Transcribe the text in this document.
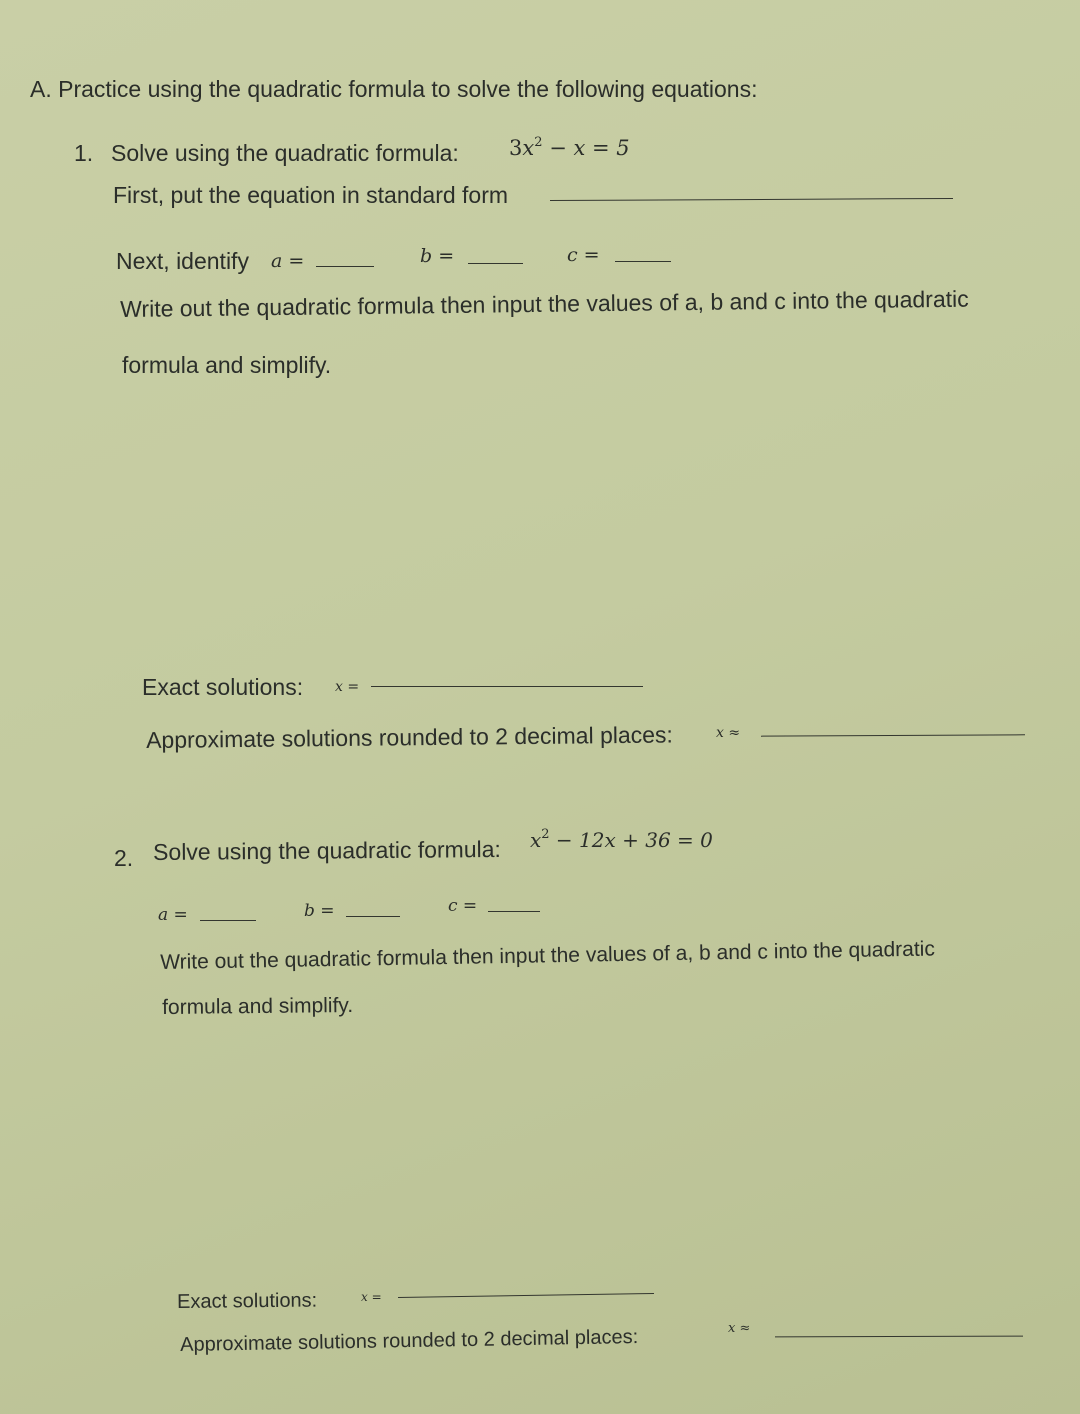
A. Practice using the quadratic formula to solve the following equations:
1. Solve using the quadratic formula: $3x^2 - x = 5$
First, put the equation in standard form
Next, identify a =	b =	c =
Write out the quadratic formula then input the values of a, b and c into the quadratic
formula and simplify.
Exact solutions: x =
Approximate solutions rounded to 2 decimal places:	x ≈
2. Solve using the quadratic formula: $x^2 - 12x + 36 = 0$
a =	b =	c =
Write out the quadratic formula then input the values of a, b and c into the quadratic
formula and simplify.
Exact solutions:	x =
Approximate solutions rounded to 2 decimal places:	x ≈
